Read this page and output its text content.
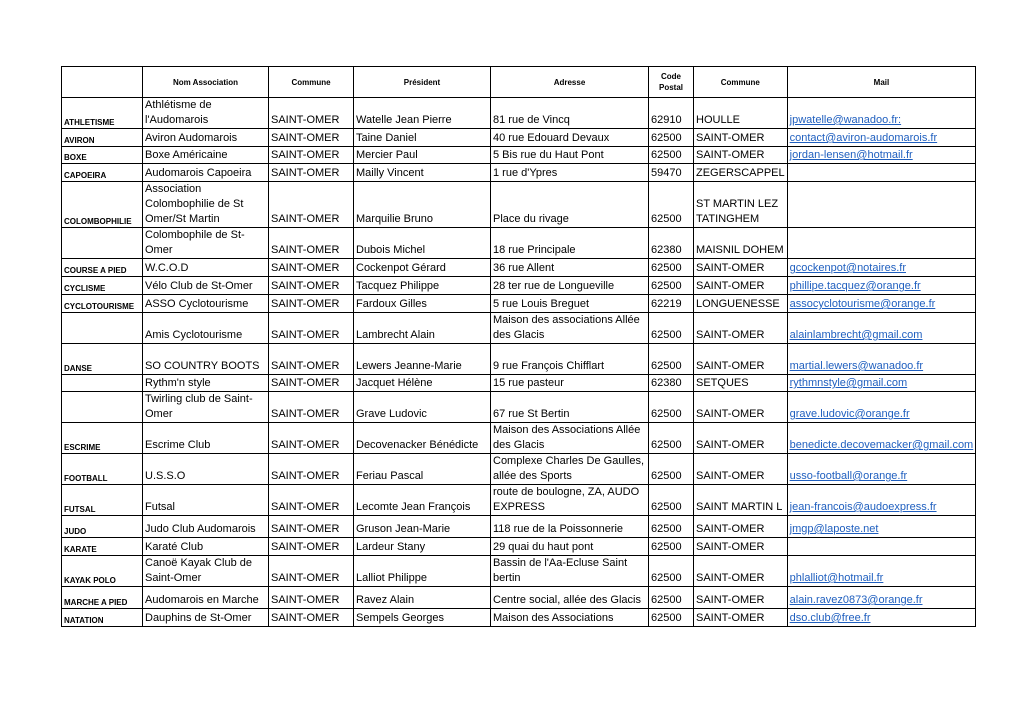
	Nom Association	Commune	Président	Adresse	Code Postal	Commune	Mail
ATHLETISME	Athlétisme de l'Audomarois	SAINT-OMER	Watelle Jean Pierre	81 rue de Vincq	62910	HOULLE	jpwatelle@wanadoo.fr:
AVIRON	Aviron Audomarois	SAINT-OMER	Taine Daniel	40 rue Edouard Devaux	62500	SAINT-OMER	contact@aviron-audomarois.fr
BOXE	Boxe Américaine	SAINT-OMER	Mercier Paul	5 Bis rue du Haut Pont	62500	SAINT-OMER	jordan-lensen@hotmail.fr
CAPOEIRA	Audomarois Capoeira	SAINT-OMER	Mailly Vincent	1 rue d'Ypres	59470	ZEGERSCAPPEL	
COLOMBOPHILIE	Association Colombophilie de St Omer/St Martin	SAINT-OMER	Marquilie Bruno	Place du rivage	62500	ST MARTIN LEZ TATINGHEM	
	Colombophile de St-Omer	SAINT-OMER	Dubois Michel	18 rue Principale	62380	MAISNIL DOHEM	
COURSE A PIED	W.C.O.D	SAINT-OMER	Cockenpot Gérard	36 rue Allent	62500	SAINT-OMER	gcockenpot@notaires.fr
CYCLISME	Vélo Club de St-Omer	SAINT-OMER	Tacquez Philippe	28 ter rue de Longueville	62500	SAINT-OMER	phillipe.tacquez@orange.fr
CYCLOTOURISME	ASSO Cyclotourisme	SAINT-OMER	Fardoux Gilles	5 rue Louis Breguet	62219	LONGUENESSE	assocyclotourisme@orange.fr
	Amis Cyclotourisme	SAINT-OMER	Lambrecht Alain	Maison des associations Allée des Glacis	62500	SAINT-OMER	alainlambrecht@gmail.com
DANSE	SO COUNTRY BOOTS	SAINT-OMER	Lewers Jeanne-Marie	9 rue François Chifflart	62500	SAINT-OMER	martial.lewers@wanadoo.fr
	Rythm'n style	SAINT-OMER	Jacquet Hélène	15 rue pasteur	62380	SETQUES	rythmnstyle@gmail.com
	Twirling club de Saint-Omer	SAINT-OMER	Grave Ludovic	67 rue St Bertin	62500	SAINT-OMER	grave.ludovic@orange.fr
ESCRIME	Escrime Club	SAINT-OMER	Decovenacker Bénédicte	Maison des Associations Allée des Glacis	62500	SAINT-OMER	benedicte.decovemacker@gmail.com
FOOTBALL	U.S.S.O	SAINT-OMER	Feriau Pascal	Complexe Charles De Gaulles, allée des Sports	62500	SAINT-OMER	usso-football@orange.fr
FUTSAL	Futsal	SAINT-OMER	Lecomte Jean François	route de boulogne, ZA, AUDO EXPRESS	62500	SAINT MARTIN L	jean-francois@audoexpress.fr
JUDO	Judo Club Audomarois	SAINT-OMER	Gruson Jean-Marie	118 rue de la Poissonnerie	62500	SAINT-OMER	jmgp@laposte.net
KARATE	Karaté Club	SAINT-OMER	Lardeur Stany	29 quai du haut pont	62500	SAINT-OMER	
KAYAK POLO	Canoë Kayak Club de Saint-Omer	SAINT-OMER	Lalliot Philippe	Bassin de l'Aa-Ecluse Saint bertin	62500	SAINT-OMER	phlalliot@hotmail.fr
MARCHE A PIED	Audomarois en Marche	SAINT-OMER	Ravez Alain	Centre social, allée des Glacis	62500	SAINT-OMER	alain.ravez0873@orange.fr
NATATION	Dauphins de St-Omer	SAINT-OMER	Sempels Georges	Maison des Associations	62500	SAINT-OMER	dso.club@free.fr
